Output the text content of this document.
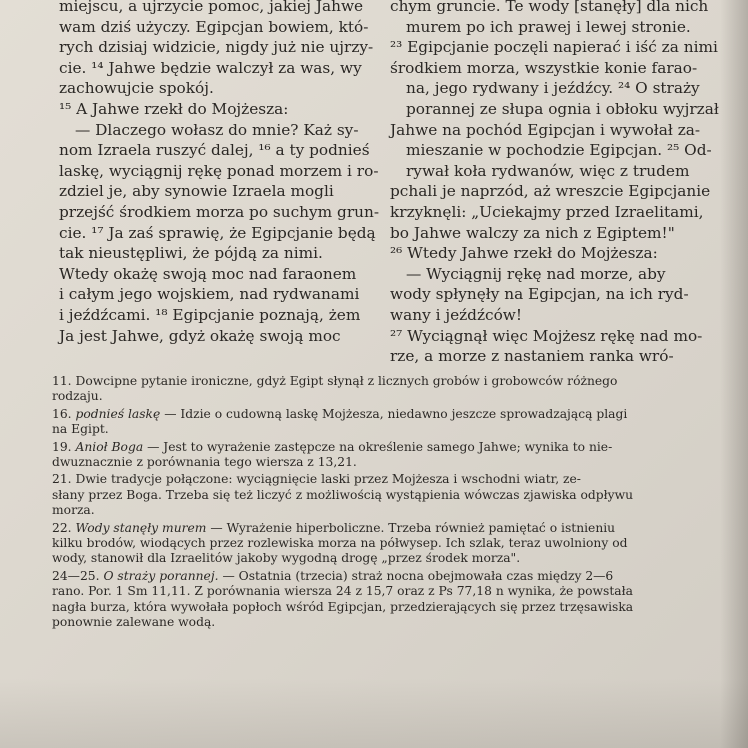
miejscu, a ujrzycie pomoc, jakiej Jahwe
wam dziś użyczy. Egipcjan bowiem, któ-
rych dzisiaj widzicie, nigdy już nie ujrzy-
cie. ¹⁴ Jahwe będzie walczył za was, wy
zachowujcie spokój.
¹⁵ A Jahwe rzekł do Mojżesza:
— Dlaczego wołasz do mnie? Każ sy-
nom Izraela ruszyć dalej, ¹⁶ a ty podnieś
laskę, wyciągnij rękę ponad morzem i ro-
zdziel je, aby synowie Izraela mogli
przejść środkiem morza po suchym grun-
cie. ¹⁷ Ja zaś sprawię, że Egipcjanie będą
tak nieustępliwi, że pójdą za nimi.
Wtedy okażę swoją moc nad faraonem
i całym jego wojskiem, nad rydwanami
i jeźdźcami. ¹⁸ Egipcjanie poznają, żem
Ja jest Jahwe, gdyż okażę swoją moc
chym gruncie. Te wody [stanęły] dla nich
murem po ich prawej i lewej stronie.
²³ Egipcjanie poczęli napierać i iść za nimi
środkiem morza, wszystkie konie farao-
na, jego rydwany i jeźdźcy. ²⁴ O straży
porannej ze słupa ognia i obłoku wyjrzał
Jahwe na pochód Egipcjan i wywołał za-
mieszanie w pochodzie Egipcjan. ²⁵ Od-
rywał koła rydwanów, więc z trudem
pchali je naprzód, aż wreszcie Egipcjanie
krzyknęli: „Uciekajmy przed Izraelitami,
bo Jahwe walczy za nich z Egiptem!"
²⁶ Wtedy Jahwe rzekł do Mojżesza:
— Wyciągnij rękę nad morze, aby
wody spłynęły na Egipcjan, na ich ryd-
wany i jeźdźców!
²⁷ Wyciągnął więc Mojżesz rękę nad mo-
rze, a morze z nastaniem ranka wró-
11. Dowcipne pytanie ironiczne, gdyż Egipt słynął z licznych grobów i grobowców różnego
rodzaju.
16. podnieś laskę — Idzie o cudowną laskę Mojżesza, niedawno jeszcze sprowadzającą plagi
na Egipt.
19. Anioł Boga — Jest to wyrażenie zastępcze na określenie samego Jahwe; wynika to nie-
dwuznacznie z porównania tego wiersza z 13,21.
21. Dwie tradycje połączone: wyciągnięcie laski przez Mojżesza i wschodni wiatr, ze-
słany przez Boga. Trzeba się też liczyć z możliwością wystąpienia wówczas zjawiska odpływu
morza.
22. Wody stanęły murem — Wyrażenie hiperboliczne. Trzeba również pamiętać o istnieniu
kilku brodów, wiodących przez rozlewiska morza na półwysep. Ich szlak, teraz uwolniony od
wody, stanowił dla Izraelitów jakoby wygodną drogę „przez środek morza".
24—25. O straży porannej. — Ostatnia (trzecia) straż nocna obejmowała czas między 2—6
rano. Por. 1 Sm 11,11. Z porównania wiersza 24 z 15,7 oraz z Ps 77,18 n wynika, że powstała
nagła burza, która wywołała popłoch wśród Egipcjan, przedzierających się przez trzęsawiska
ponownie zalewane wodą.
